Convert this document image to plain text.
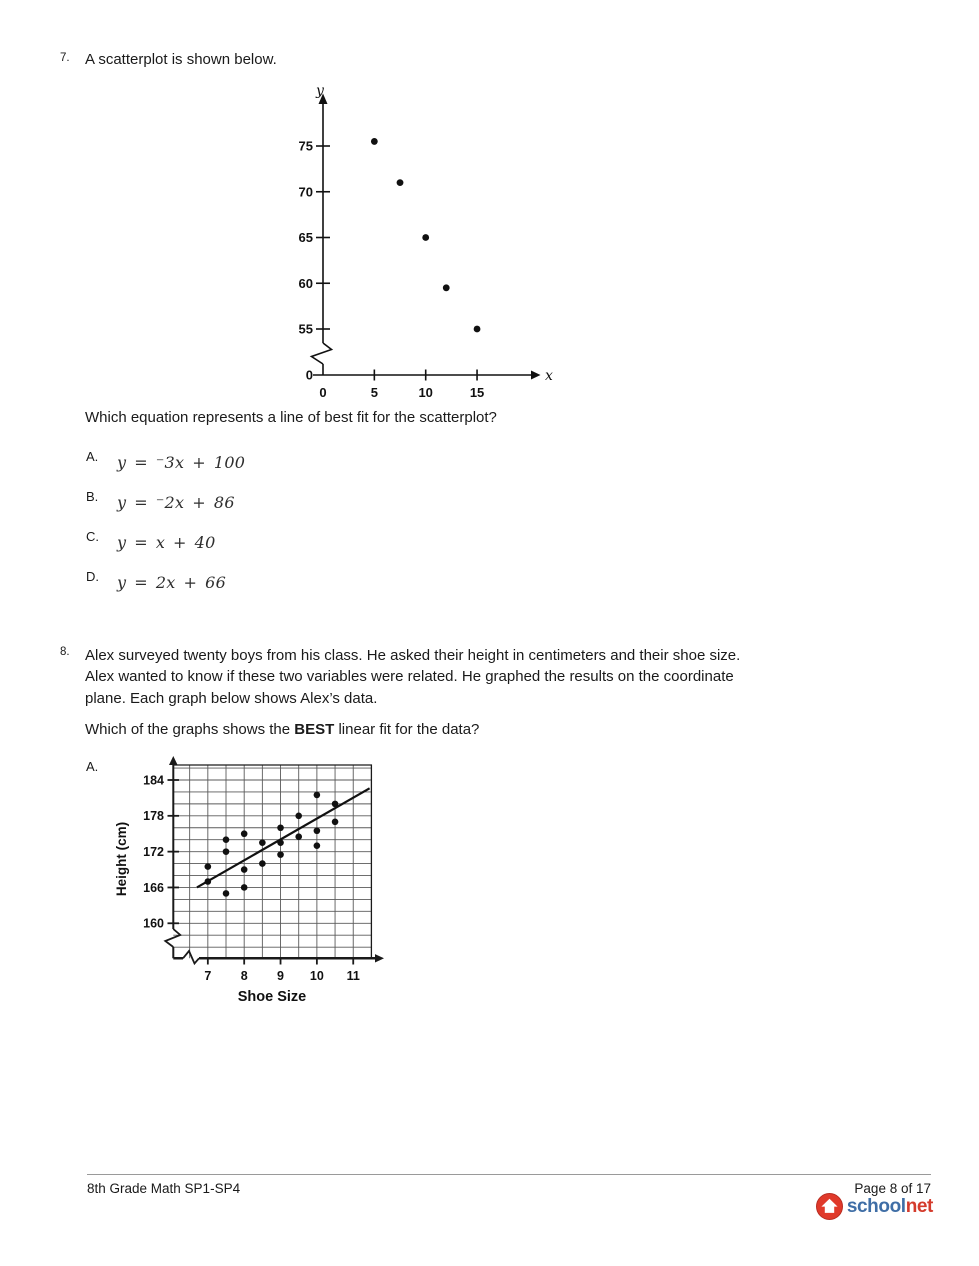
7. A scatterplot is shown below.
y
x
0
55
60
65
70
75
0	5	10	15
Which equation represents a line of best fit for the scatterplot?
A. y = ⁻3x + 100
B. y = ⁻2x + 86
C. y = x + 40
D. y = 2x + 66
8. Alex surveyed twenty boys from his class. He asked their height in centimeters and their shoe size. Alex wanted to know if these two variables were related. He graphed the results on the coordinate plane. Each graph below shows Alex’s data.
Which of the graphs shows the BEST linear fit for the data?
A.
160
166
172
178
184
7 8 9 10 11
Shoe Size
Height (cm)
8th Grade Math SP1-SP4	Page 8 of 17
schoolnet
